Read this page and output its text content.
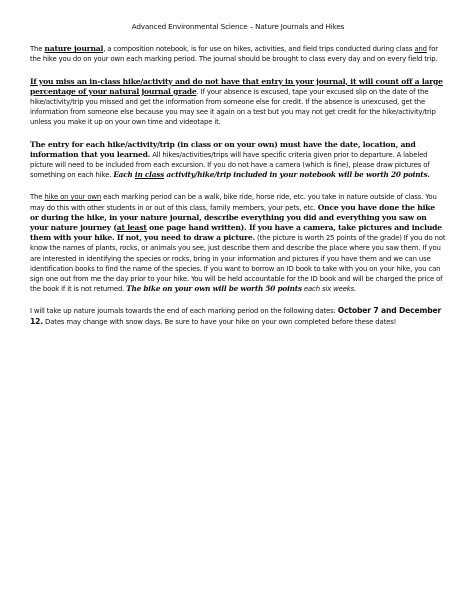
Advanced Environmental Science – Nature Journals and Hikes

The nature journal, a composition notebook, is for use on hikes, activities, and field trips conducted during class and for the hike you do on your own each marking period. The journal should be brought to class every day and on every field trip.

If you miss an in-class hike/activity and do not have that entry in your journal, it will count off a large percentage of your natural journal grade. If your absence is excused, tape your excused slip on the date of the hike/activity/trip you missed and get the information from someone else for credit. If the absence is unexcused, get the information from someone else because you may see it again on a test but you may not get credit for the hike/activity/trip unless you make it up on your own time and videotape it.

The entry for each hike/activity/trip (in class or on your own) must have the date, location, and information that you learned. All hikes/activities/trips will have specific criteria given prior to departure. A labeled picture will need to be included from each excursion. If you do not have a camera (which is fine), please draw pictures of something on each hike. Each in class activity/hike/trip included in your notebook will be worth 20 points.

The hike on your own each marking period can be a walk, bike ride, horse ride, etc. you take in nature outside of class. You may do this with other students in or out of this class, family members, your pets, etc. Once you have done the hike or during the hike, in your nature journal, describe everything you did and everything you saw on your nature journey (at least one page hand written). If you have a camera, take pictures and include them with your hike. If not, you need to draw a picture. (the picture is worth 25 points of the grade) If you do not know the names of plants, rocks, or animals you see, just describe them and describe the place where you saw them. If you are interested in identifying the species or rocks, bring in your information and pictures if you have them and we can use identification books to find the name of the species. If you want to borrow an ID book to take with you on your hike, you can sign one out from me the day prior to your hike. You will be held accountable for the ID book and will be charged the price of the book if it is not returned. The bike on your own will be worth 50 points each six weeks.

I will take up nature journals towards the end of each marking period on the following dates: October 7 and December 12. Dates may change with snow days. Be sure to have your hike on your own completed before these dates!
